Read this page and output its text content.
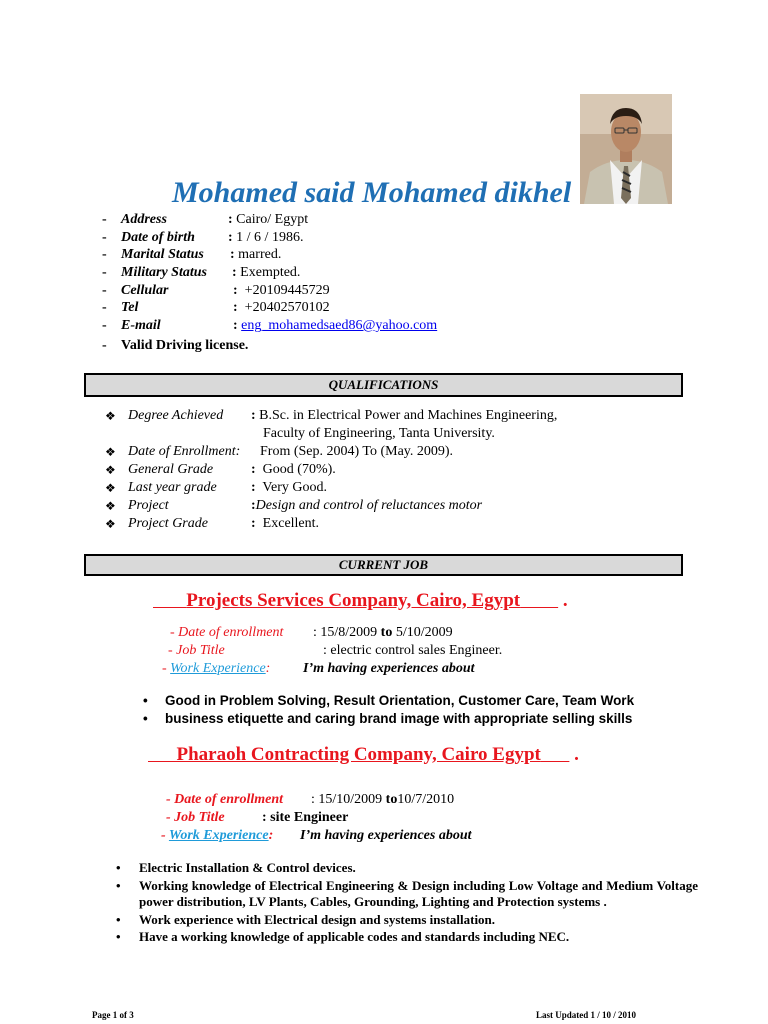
Mohamed said Mohamed dikhel
- Address	: Cairo/ Egypt
- Date of birth : 1 / 6 / 1986.
- Marital Status : marred.
- Military Status : Exempted.
- Cellular	: +20109445729
- Tel	: +20402570102
- E-mail	: eng_mohamedsaed86@yahoo.com
- Valid Driving license.
QUALIFICATIONS
❖ Degree Achieved : B.Sc. in Electrical Power and Machines Engineering,
Faculty of Engineering, Tanta University.
❖ Date of Enrollment: From (Sep. 2004) To (May. 2009).
❖ General Grade	: Good (70%).
❖ Last year grade : Very Good.
❖ Project	:Design and control of reluctances motor
❖ Project Grade	: Excellent.
CURRENT JOB
Projects Services Company, Cairo, Egypt         .
- Date of enrollment : 15/8/2009 to 5/10/2009
- Job Title	: electric control sales Engineer.
- Work Experience: I’m having experiences about
• Good in Problem Solving, Result Orientation, Customer Care, Team Work
• business etiquette and caring brand image with appropriate selling skills
Pharaoh Contracting Company, Cairo Egypt       .
- Date of enrollment : 15/10/2009 to10/7/2010
- Job Title	: site Engineer
- Work Experience: I’m having experiences about
• Electric Installation & Control devices.
• Working knowledge of Electrical Engineering & Design including Low Voltage and Medium Voltage power distribution, LV Plants, Cables, Grounding, Lighting and Protection systems .
• Work experience with Electrical design and systems installation.
• Have a working knowledge of applicable codes and standards including NEC.
Page 1 of 3	Last Updated 1 / 10 / 2010
